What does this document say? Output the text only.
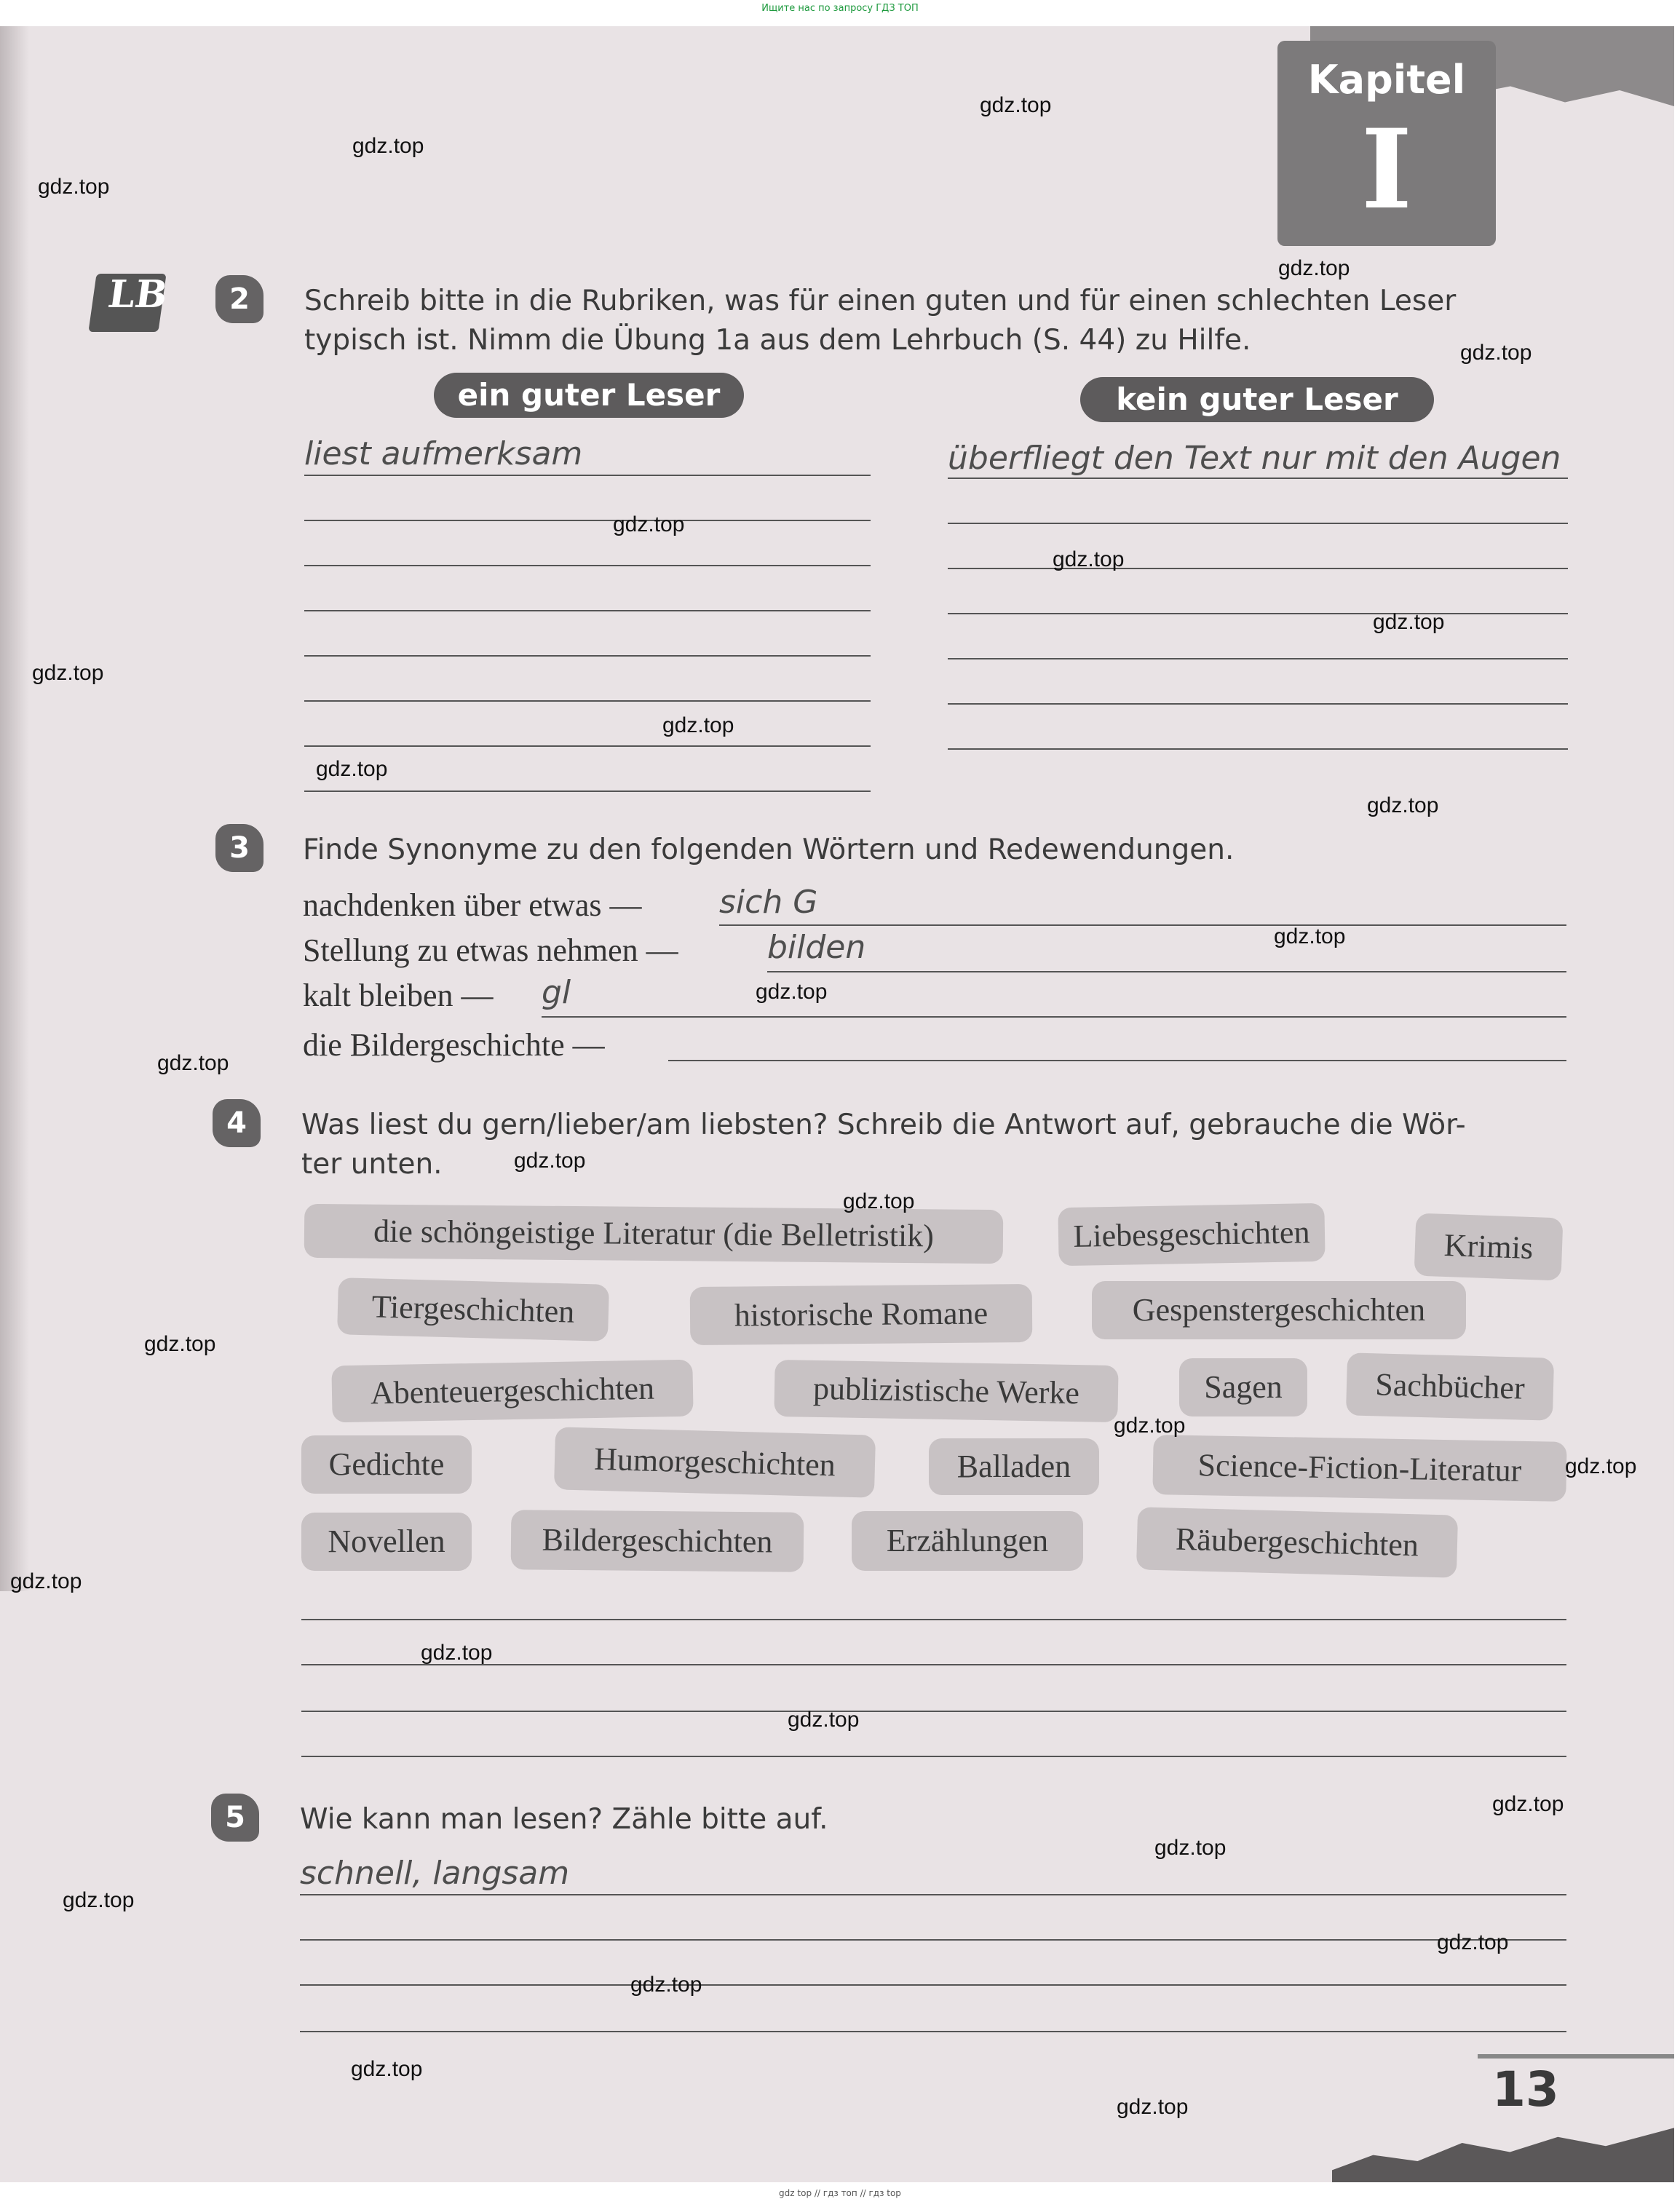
Ищите нас по запросу ГДЗ ТОП
Kapitel
I
LB	2	Schreib bitte in die Rubriken, was für einen guten und für einen schlechten Leser
typisch ist. Nimm die Übung 1a aus dem Lehrbuch (S. 44) zu Hilfe.
ein guter Leser	kein guter Leser
liest aufmerksam	überfliegt den Text nur mit den Augen
3	Finde Synonyme zu den folgenden Wörtern und Redewendungen.
nachdenken über etwas — sich G
Stellung zu etwas nehmen —	bilden
kalt bleiben — gl
die Bildergeschichte —
4	Was liest du gern/lieber/am liebsten? Schreib die Antwort auf, gebrauche die Wör-
ter unten.
die schöngeistige Literatur (die Belletristik)	Liebesgeschichten	Krimis
Tiergeschichten	historische Romane	Gespenstergeschichten
Abenteuergeschichten	publizistische Werke	Sagen	Sachbücher
Gedichte	Humorgeschichten	Balladen	Science-Fiction-Literatur
Novellen	Bildergeschichten	Erzählungen	Räubergeschichten
5	Wie kann man lesen? Zähle bitte auf.
schnell, langsam
13
gdz.top
gdz.top
gdz.top
gdz.top
gdz.top
gdz.top
gdz.top
gdz.top
gdz.top
gdz.top
gdz.top
gdz.top
gdz.top
gdz.top
gdz.top
gdz.top
gdz.top
gdz.top
gdz.top
gdz.top
gdz.top
gdz.top
gdz.top
gdz.top
gdz.top
gdz.top
gdz.top
gdz.top
gdz.top
gdz.top
gdz top // гдз топ // гдз top
